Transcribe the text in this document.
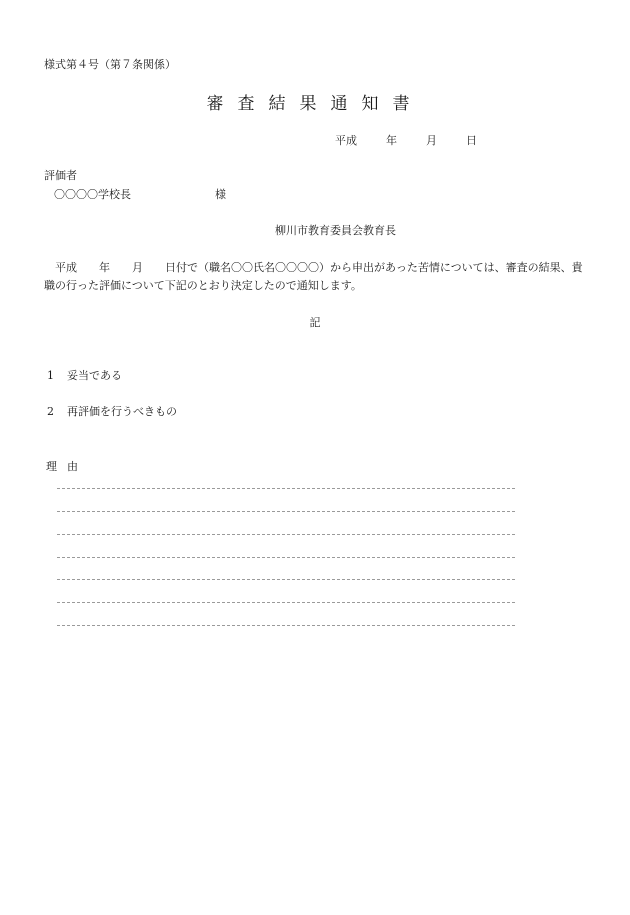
様式第４号（第７条関係）
審査結果通知書
平成	年	月	日
評価者
〇〇〇〇学校長	様
柳川市教育委員会教育長
平成　　年　　月　　日付で（職名〇〇氏名〇〇〇〇）から申出があった苦情については、審査の結果、貴職の行った評価について下記のとおり決定したので通知します。
記
1 妥当である
2 再評価を行うべきもの
理由
